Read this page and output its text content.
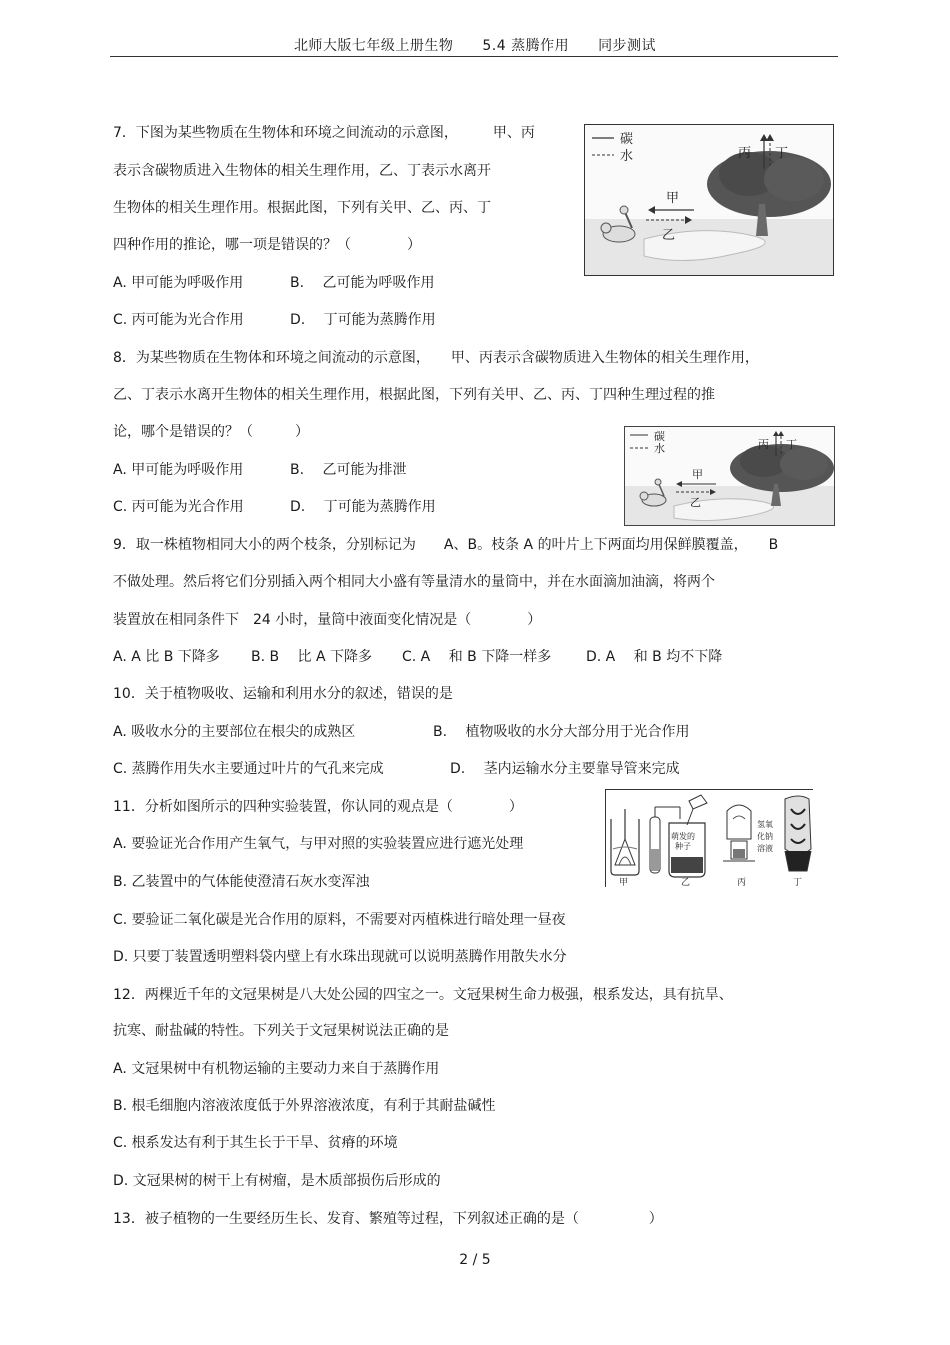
北师大版七年级上册生物 5.4 蒸腾作用 同步测试
7．下图为某些物质在生物体和环境之间流动的示意图，　　　甲、丙
表示含碳物质进入生物体的相关生理作用，乙、丁表示水离开
生物体的相关生理作用。根据此图，下列有关甲、乙、丙、丁
四种作用的推论，哪一项是错误的？（　　　　）
A. 甲可能为呼吸作用	B.　 乙可能为呼吸作用
C. 丙可能为光合作用	D.　 丁可能为蒸腾作用
碳
水	丙 丁
甲
乙
8．为某些物质在生物体和环境之间流动的示意图，　　甲、丙表示含碳物质进入生物体的相关生理作用，
乙、丁表示水离开生物体的相关生理作用，根据此图，下列有关甲、乙、丙、丁四种生理过程的推
论，哪个是错误的？（　　　）
A. 甲可能为呼吸作用	B.　 乙可能为排泄
C. 丙可能为光合作用	D.　 丁可能为蒸腾作用
碳
水	丙 丁
甲
乙
9．取一株植物相同大小的两个枝条，分别标记为　　A、B。枝条 A 的叶片上下两面均用保鲜膜覆盖，　　B
不做处理。然后将它们分别插入两个相同大小盛有等量清水的量筒中，并在水面滴加油滴，将两个
装置放在相同条件下　24 小时，量筒中液面变化情况是（　　　　）
A. A 比 B 下降多 B. B　 比 A 下降多 C. A　 和 B 下降一样多 D. A　 和 B 均不下降
10．关于植物吸收、运输和利用水分的叙述，错误的是
A. 吸收水分的主要部位在根尖的成熟区	B.　 植物吸收的水分大部分用于光合作用
C. 蒸腾作用失水主要通过叶片的气孔来完成	D.　 茎内运输水分主要靠导管来完成
11．分析如图所示的四种实验装置，你认同的观点是（　　　　）
A. 要验证光合作用产生氧气，与甲对照的实验装置应进行遮光处理
B. 乙装置中的气体能使澄清石灰水变浑浊
C. 要验证二氧化碳是光合作用的原料，不需要对丙植株进行暗处理一昼夜
D. 只要丁装置透明塑料袋内壁上有水珠出现就可以说明蒸腾作用散失水分
甲
萌发的
种子
乙
氢氧
化钠
溶液
丙	丁
12．两棵近千年的文冠果树是八大处公园的四宝之一。文冠果树生命力极强，根系发达，具有抗旱、
抗寒、耐盐碱的特性。下列关于文冠果树说法正确的是
A. 文冠果树中有机物运输的主要动力来自于蒸腾作用
B. 根毛细胞内溶液浓度低于外界溶液浓度，有利于其耐盐碱性
C. 根系发达有利于其生长于干旱、贫瘠的环境
D. 文冠果树的树干上有树瘤，是木质部损伤后形成的
13．被子植物的一生要经历生长、发育、繁殖等过程，下列叙述正确的是（　　　　　）
2 / 5
